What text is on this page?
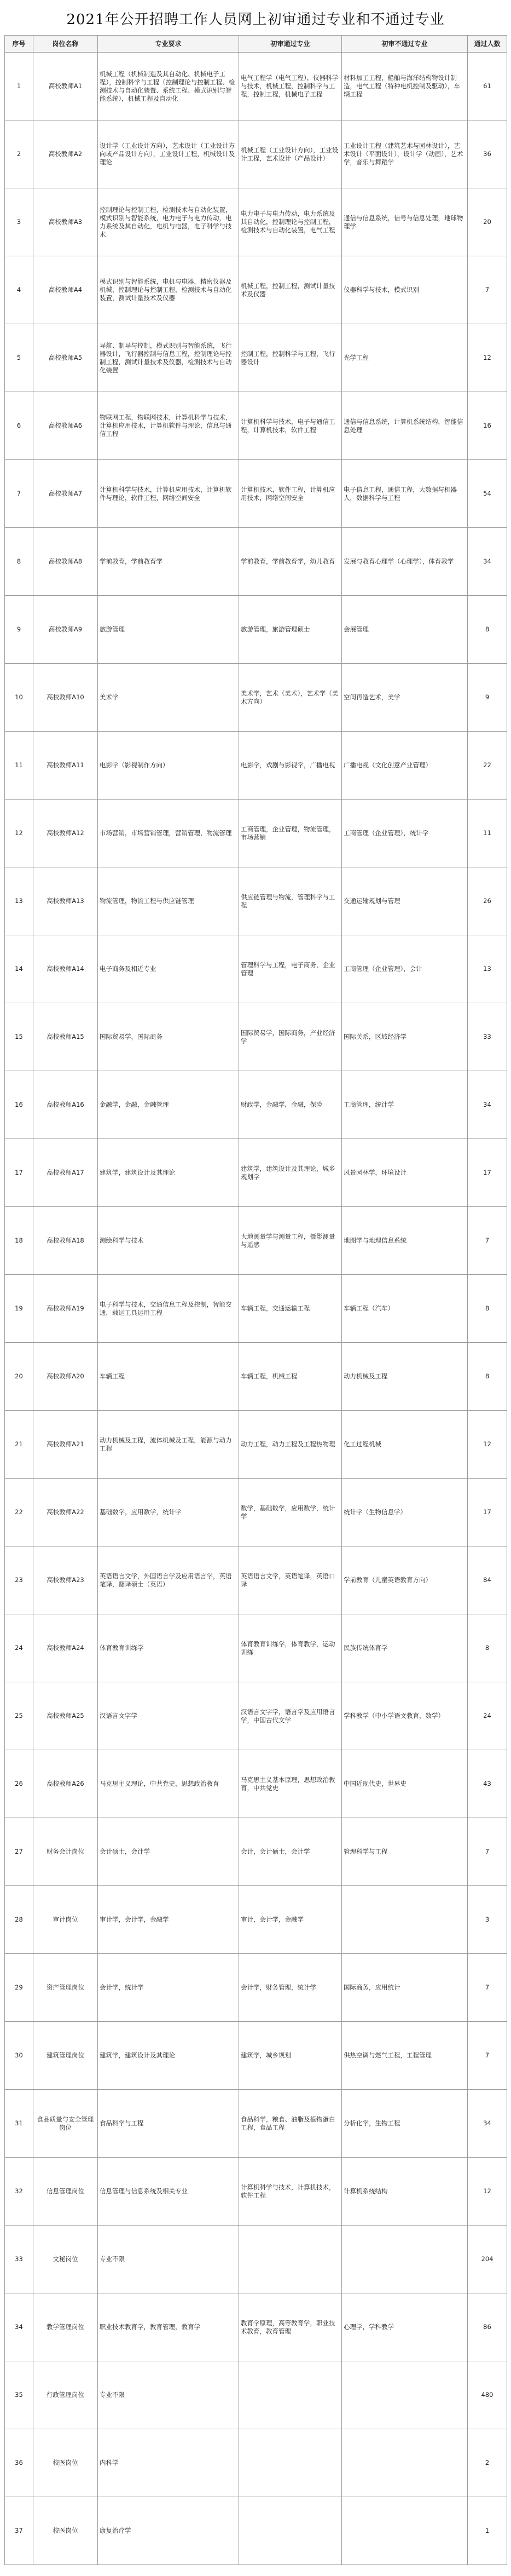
2021年公开招聘工作人员网上初审通过专业和不通过专业
序号	岗位名称	专业要求	初审通过专业	初审不通过专业	通过人数
1	高校教师A1	机械工程（机械制造及其自动化、机械电子工程），控制科学与工程（控制理论与控制工程、检测技术与自动化装置、系统工程、模式识别与智能系统），机械工程及自动化	电气工程学（电气工程），仪器科学与技术，机械工程，控制科学与工程，控制工程，机械电子工程	材料加工工程，船舶与海洋结构物设计制造，电气工程（特种电机控制及驱动），车辆工程	61
2	高校教师A2	设计学（工业设计方向），艺术设计（工业设计方向或产品设计方向），工业设计工程，机械设计及理论	机械工程（工业设计方向），工业设计工程，艺术设计（产品设计）	工业设计工程（建筑艺术与园林设计），艺术设计（平面设计），设计学（动画），艺术学，音乐与舞蹈学	36
3	高校教师A3	控制理论与控制工程，检测技术与自动化装置，模式识别与智能系统，电力电子与电力传动，电力系统及其自动化，电机与电器，电子科学与技术	电力电子与电力传动，电力系统及其自动化，控制理论与控制工程，检测技术与自动化装置，电气工程	通信与信息系统，信号与信息处理，地球物理学	20
4	高校教师A4	模式识别与智能系统，电机与电器，精密仪器及机械，控制理论与控制工程，检测技术与自动化装置，测试计量技术及仪器	机械工程，控制工程，测试计量技术及仪器	仪器科学与技术，模式识别	7
5	高校教师A5	导航、制导与控制，模式识别与智能系统，飞行器设计，飞行器控制与信息工程，控制理论与控制工程，测试计量技术及仪器，检测技术与自动化装置	控制工程，控制科学与工程，飞行器设计	光学工程	12
6	高校教师A6	物联网工程，物联网技术，计算机科学与技术，计算机应用技术，计算机软件与理论，信息与通信工程	计算机科学与技术，电子与通信工程，计算机技术，软件工程	通信与信息系统，计算机系统结构，智能信息处理	16
7	高校教师A7	计算机科学与技术，计算机应用技术，计算机软件与理论，软件工程，网络空间安全	计算机技术，软件工程，计算机应用技术，网络空间安全	电子信息工程，通信工程，大数据与机器人，数据科学与工程	54
8	高校教师A8	学前教育，学前教育学	学前教育，学前教育学，幼儿教育	发展与教育心理学（心理学），体育教学	34
9	高校教师A9	旅游管理	旅游管理，旅游管理硕士	会展管理	8
10	高校教师A10	美术学	美术学，艺术（美术），艺术学（美术方向）	空间再造艺术，美学	9
11	高校教师A11	电影学（影视制作方向）	电影学，戏剧与影视学，广播电视	广播电视（文化创意产业管理）	22
12	高校教师A12	市场营销，市场营销管理，营销管理，物流管理	工商管理，企业管理，物流管理，市场营销	工商管理（企业管理），统计学	11
13	高校教师A13	物流管理，物流工程与供应链管理	供应链管理与物流，管理科学与工程	交通运输规划与管理	26
14	高校教师A14	电子商务及相近专业	管理科学与工程，电子商务，企业管理	工商管理（企业管理），会计	13
15	高校教师A15	国际贸易学，国际商务	国际贸易学，国际商务，产业经济学	国际关系，区域经济学	33
16	高校教师A16	金融学，金融，金融管理	财政学，金融学，金融，保险	工商管理，统计学	34
17	高校教师A17	建筑学，建筑设计及其理论	建筑学，建筑设计及其理论，城乡规划学	风景园林学，环境设计	17
18	高校教师A18	测绘科学与技术	大地测量学与测量工程，摄影测量与遥感	地图学与地理信息系统	7
19	高校教师A19	电子科学与技术，交通信息工程及控制，智能交通，载运工具运用工程	车辆工程，交通运输工程	车辆工程（汽车）	8
20	高校教师A20	车辆工程	车辆工程，机械工程	动力机械及工程	8
21	高校教师A21	动力机械及工程，流体机械及工程，能源与动力工程	动力工程，动力工程及工程热物理	化工过程机械	12
22	高校教师A22	基础数学，应用数学，统计学	数学，基础数学，应用数学，统计学	统计学（生物信息学）	17
23	高校教师A23	英语语言文学，外国语言学及应用语言学，英语笔译，翻译硕士（英语）	英语语言文学，英语笔译，英语口译	学前教育（儿童英语教育方向）	84
24	高校教师A24	体育教育训练学	体育教育训练学，体育教学，运动训练	民族传统体育学	8
25	高校教师A25	汉语言文字学	汉语言文字学，语言学及应用语言学，中国古代文学	学科教学（中小学语文教育，数学）	24
26	高校教师A26	马克思主义理论，中共党史，思想政治教育	马克思主义基本原理，思想政治教育，中共党史	中国近现代史，世界史	43
27	财务会计岗位	会计硕士，会计学	会计，会计硕士，会计学	管理科学与工程	7
28	审计岗位	审计学，会计学，金融学	审计，会计学，金融学		3
29	资产管理岗位	会计学，统计学	会计学，财务管理，统计学	国际商务，应用统计	7
30	建筑管理岗位	建筑学，建筑设计及其理论	建筑学，城乡规划	供热空调与燃气工程，工程管理	7
31	食品质量与安全管理岗位	食品科学与工程	食品科学，粮食、油脂及植物蛋白工程，食品工程	分析化学，生物工程	34
32	信息管理岗位	信息管理与信息系统及相关专业	计算机科学与技术，计算机技术，软件工程	计算机系统结构	12
33	文秘岗位	专业不限			204
34	教学管理岗位	职业技术教育学，教育管理，教育学	教育学原理，高等教育学，职业技术教育，教育管理	心理学，学科教学	86
35	行政管理岗位	专业不限			480
36	校医岗位	内科学			2
37	校医岗位	康复治疗学			1
